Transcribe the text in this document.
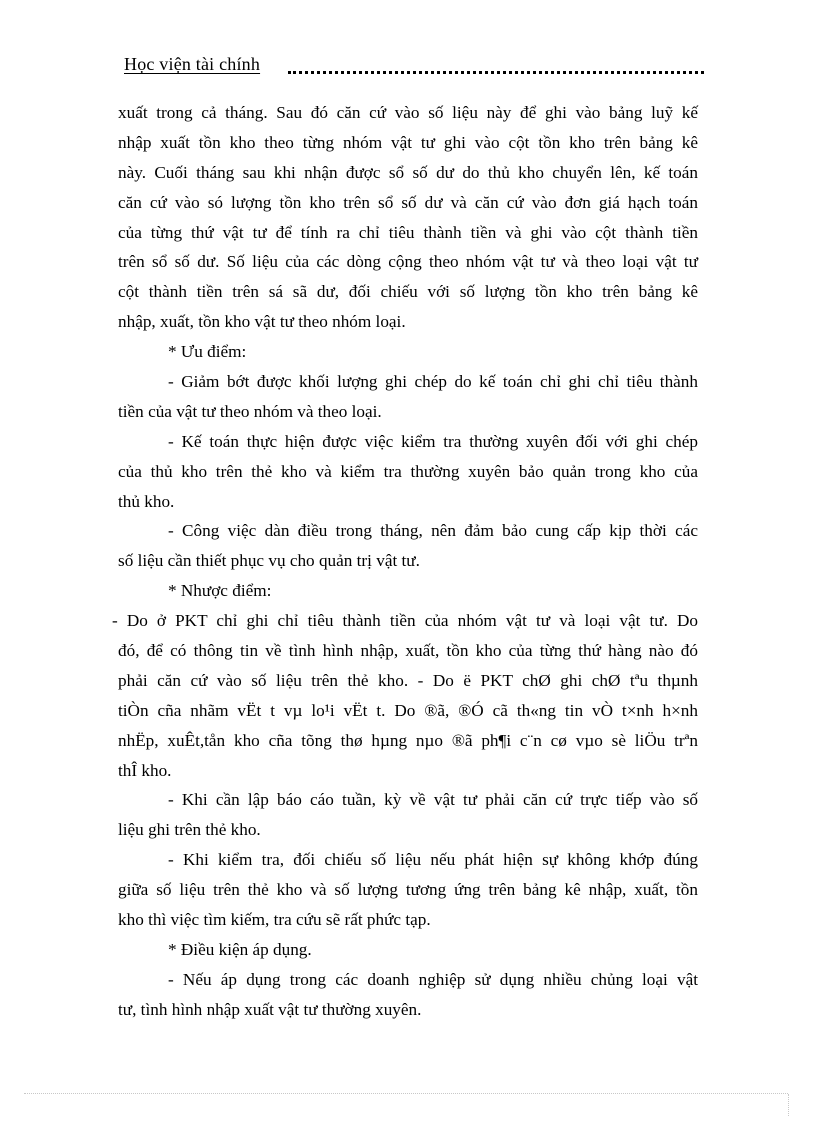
Học viện tài chính
xuất trong cả tháng. Sau đó căn cứ vào số liệu này để ghi vào bảng luỹ kế
nhập xuất tồn kho theo từng nhóm vật tư ghi vào cột tồn kho trên bảng kê
này. Cuối tháng sau khi nhận được sổ số dư do thủ kho chuyển lên, kế toán
căn cứ vào só lượng tồn kho trên sổ số dư và căn cứ vào đơn giá hạch toán
của từng thứ vật tư để tính ra chỉ tiêu thành tiền và ghi vào cột thành tiền
trên sổ số dư. Số liệu của các dòng cộng theo nhóm vật tư và theo loại vật tư
cột thành tiền trên sá sã dư, đối chiếu với số lượng tồn kho trên bảng kê
nhập, xuất, tồn kho vật tư theo nhóm loại.
* Ưu điểm:
- Giảm bớt được khối lượng ghi chép do kế toán chỉ ghi chỉ tiêu thành
tiền của vật tư theo nhóm và theo loại.
- Kế toán thực hiện được việc kiểm tra thường xuyên đối với ghi chép
của thủ kho trên thẻ kho và kiểm tra thường xuyên bảo quản trong kho của
thủ kho.
- Công việc dàn điều trong tháng, nên đảm bảo cung cấp kịp thời các
số liệu cần thiết phục vụ cho quản trị vật tư.
* Nhược điểm:
- Do ở PKT chỉ ghi chỉ tiêu thành tiền của nhóm vật tư và loại vật tư. Do
đó, để có thông tin về tình hình nhập, xuất, tồn kho của từng thứ hàng nào đó
phải căn cứ vào số liệu trên thẻ kho. - Do ë PKT chØ ghi chØ tªu thµnh
tiÒn cña nhãm vËt t vµ lo¹i vËt t. Do ®ã, ®Ó cã th«ng tin vÒ t×nh h×nh
nhËp, xuÊt,tån kho cña tõng thø hµng nµo ®ã ph¶i c¨n cø vµo sè liÖu trªn
thÎ kho.
- Khi cần lập báo cáo tuần, kỳ về vật tư phải căn cứ trực tiếp vào số
liệu ghi trên thẻ kho.
- Khi kiểm tra, đối chiếu số liệu nếu phát hiện sự không khớp đúng
giữa số liệu trên thẻ kho và số lượng tương ứng trên bảng kê nhập, xuất, tồn
kho thì việc tìm kiếm, tra cứu sẽ rất phức tạp.
* Điều kiện áp dụng.
- Nếu áp dụng trong các doanh nghiệp sử dụng nhiều chủng loại vật
tư, tình hình nhập xuất vật tư thường xuyên.
